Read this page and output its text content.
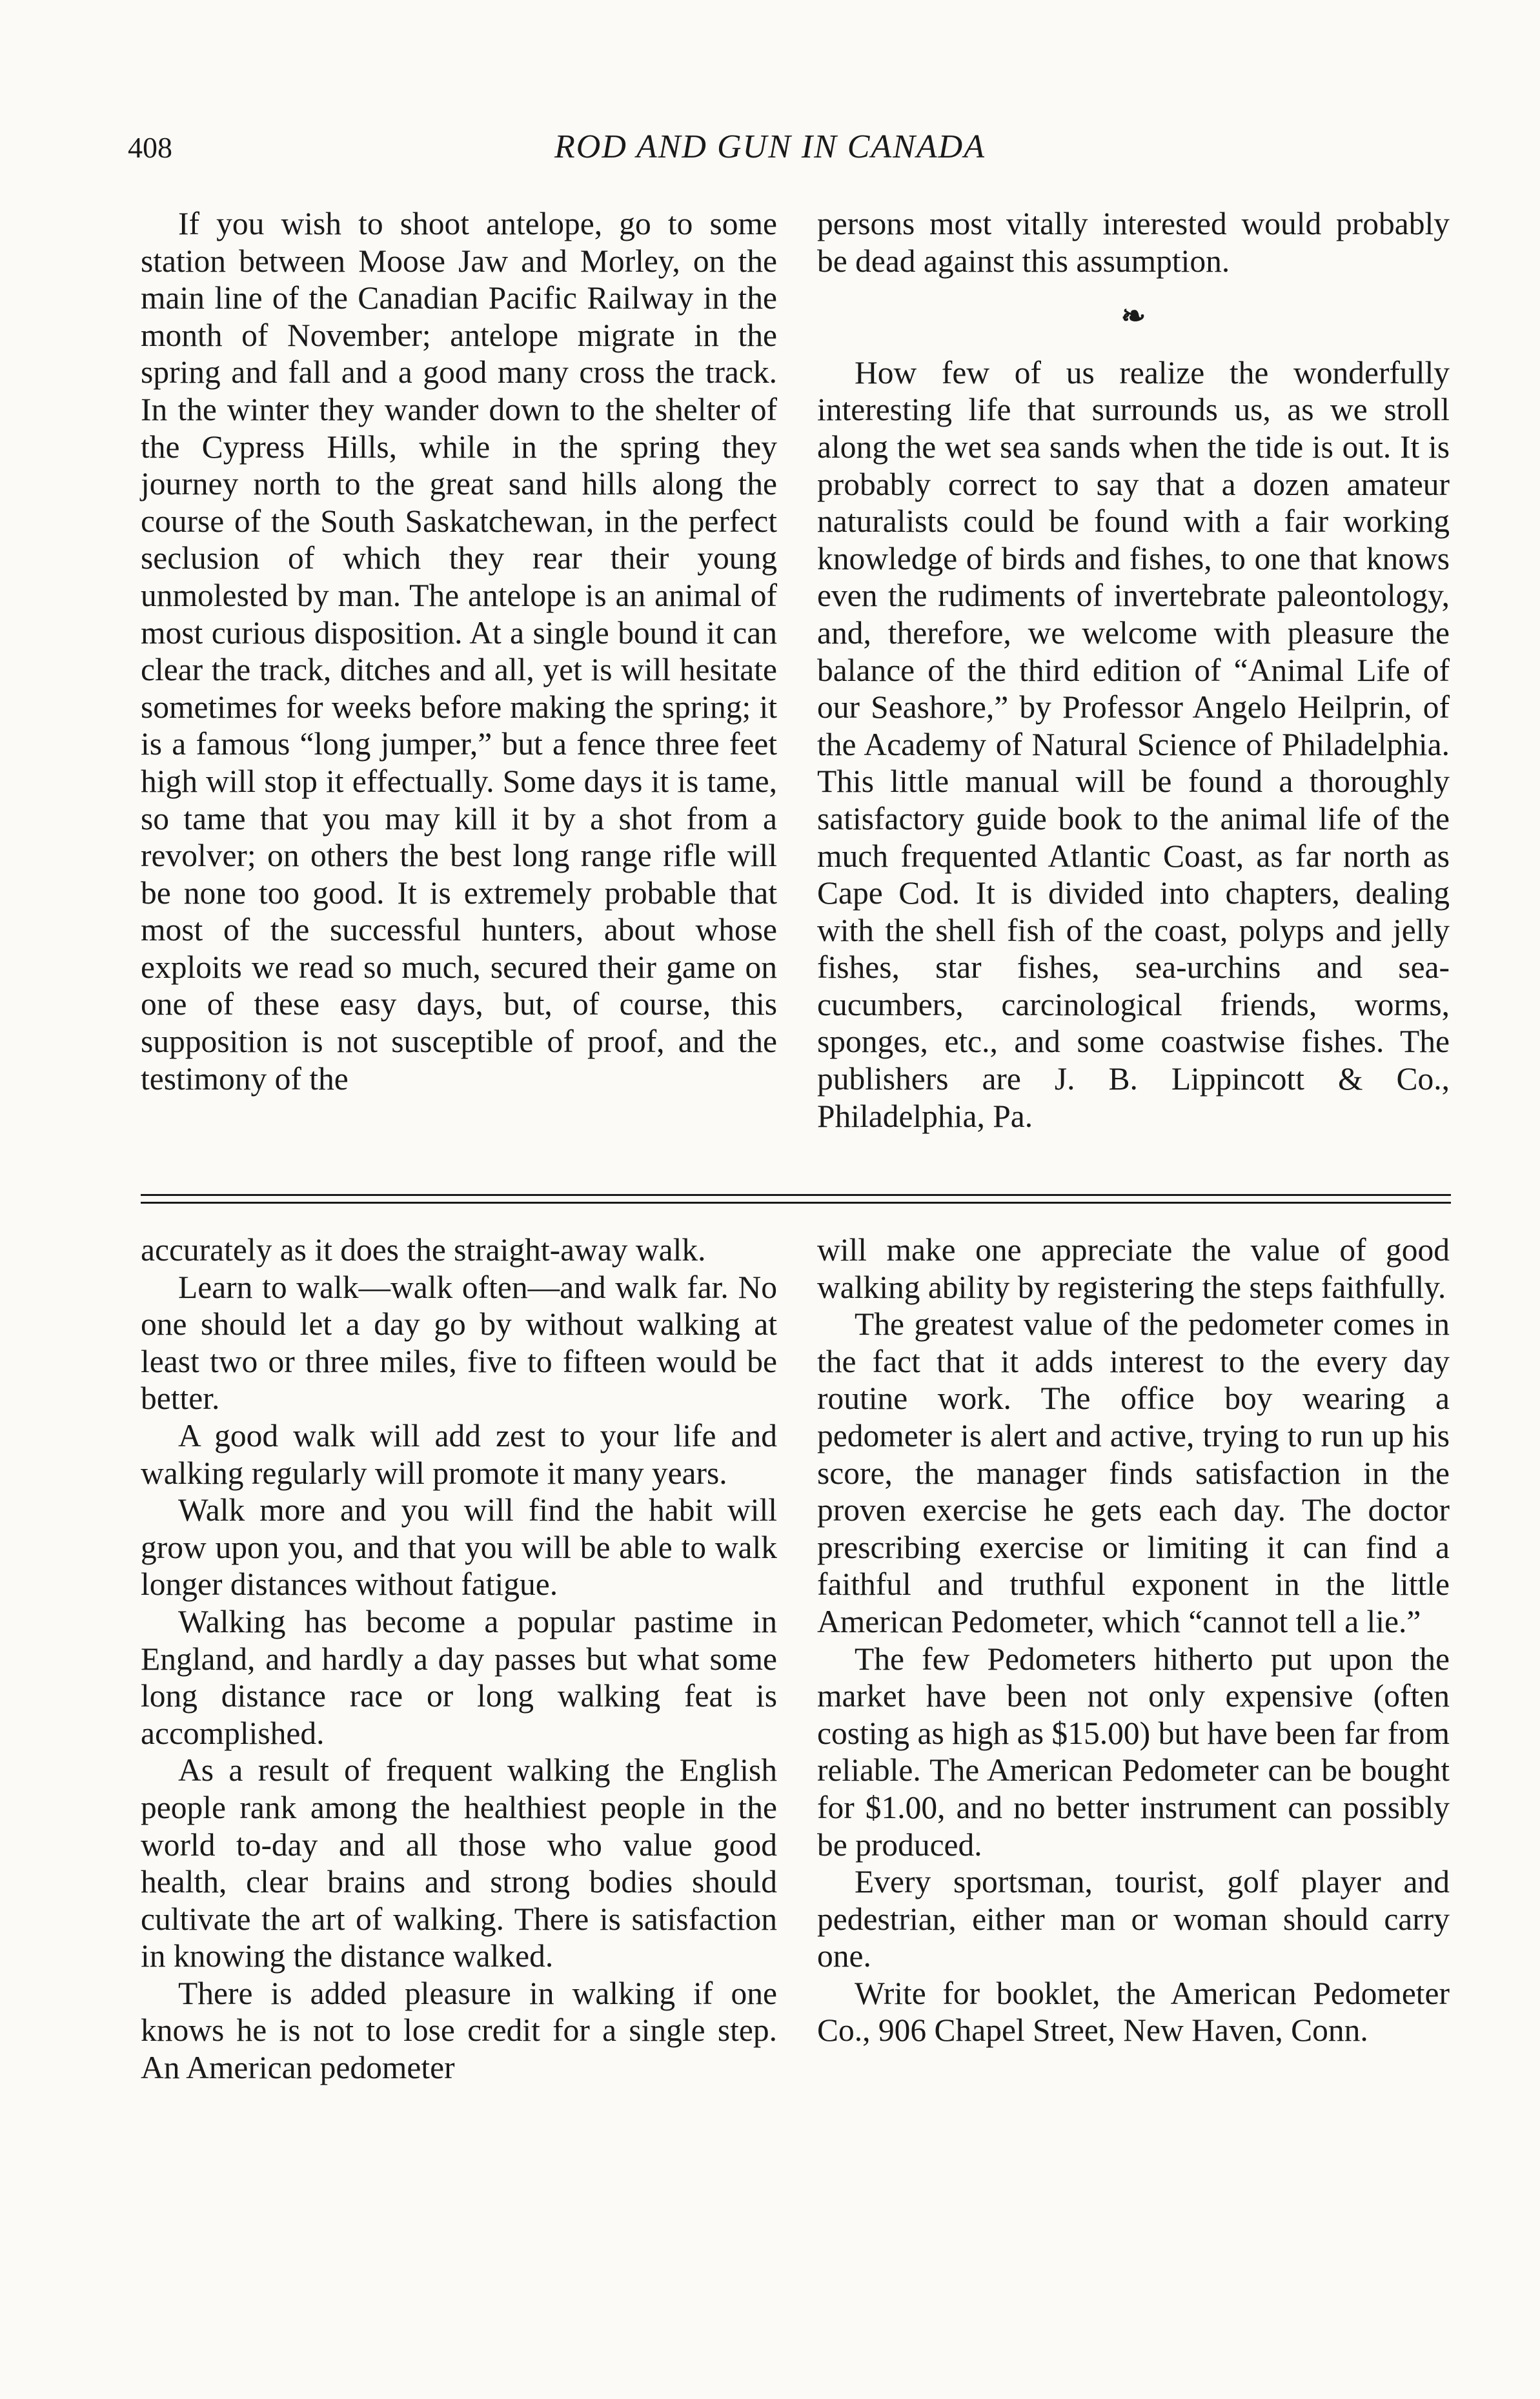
408	ROD AND GUN IN CANADA

If you wish to shoot antelope, go to some station between Moose Jaw and Morley, on the main line of the Canadian Pacific Railway in the month of November; antelope migrate in the spring and fall and a good many cross the track. In the winter they wander down to the shelter of the Cypress Hills, while in the spring they journey north to the great sand hills along the course of the South Saskatchewan, in the perfect seclusion of which they rear their young unmolested by man. The antelope is an animal of most curious disposition. At a single bound it can clear the track, ditches and all, yet is will hesitate sometimes for weeks before making the spring; it is a famous “long jumper,” but a fence three feet high will stop it effectually. Some days it is tame, so tame that you may kill it by a shot from a revolver; on others the best long range rifle will be none too good. It is extremely probable that most of the successful hunters, about whose exploits we read so much, secured their game on one of these easy days, but, of course, this supposition is not susceptible of proof, and the testimony of the

persons most vitally interested would probably be dead against this assumption.

❧

How few of us realize the wonderfully interesting life that surrounds us, as we stroll along the wet sea sands when the tide is out. It is probably correct to say that a dozen amateur naturalists could be found with a fair working knowledge of birds and fishes, to one that knows even the rudiments of invertebrate paleontology, and, therefore, we welcome with pleasure the balance of the third edition of “Animal Life of our Seashore,” by Professor Angelo Heilprin, of the Academy of Natural Science of Philadelphia. This little manual will be found a thoroughly satisfactory guide book to the animal life of the much frequented Atlantic Coast, as far north as Cape Cod. It is divided into chapters, dealing with the shell fish of the coast, polyps and jelly fishes, star fishes, sea-urchins and sea-cucumbers, carcinological friends, worms, sponges, etc., and some coastwise fishes. The publishers are J. B. Lippincott & Co., Philadelphia, Pa.

accurately as it does the straight-away walk.

Learn to walk—walk often—and walk far. No one should let a day go by without walking at least two or three miles, five to fifteen would be better.

A good walk will add zest to your life and walking regularly will promote it many years.

Walk more and you will find the habit will grow upon you, and that you will be able to walk longer distances without fatigue.

Walking has become a popular pastime in England, and hardly a day passes but what some long distance race or long walking feat is accomplished.

As a result of frequent walking the English people rank among the healthiest people in the world to-day and all those who value good health, clear brains and strong bodies should cultivate the art of walking. There is satisfaction in knowing the distance walked.

There is added pleasure in walking if one knows he is not to lose credit for a single step. An American pedometer

will make one appreciate the value of good walking ability by registering the steps faithfully.

The greatest value of the pedometer comes in the fact that it adds interest to the every day routine work. The office boy wearing a pedometer is alert and active, trying to run up his score, the manager finds satisfaction in the proven exercise he gets each day. The doctor prescribing exercise or limiting it can find a faithful and truthful exponent in the little American Pedometer, which “cannot tell a lie.”

The few Pedometers hitherto put upon the market have been not only expensive (often costing as high as $15.00) but have been far from reliable. The American Pedometer can be bought for $1.00, and no better instrument can possibly be produced.

Every sportsman, tourist, golf player and pedestrian, either man or woman should carry one.

Write for booklet, the American Pedometer Co., 906 Chapel Street, New Haven, Conn.
